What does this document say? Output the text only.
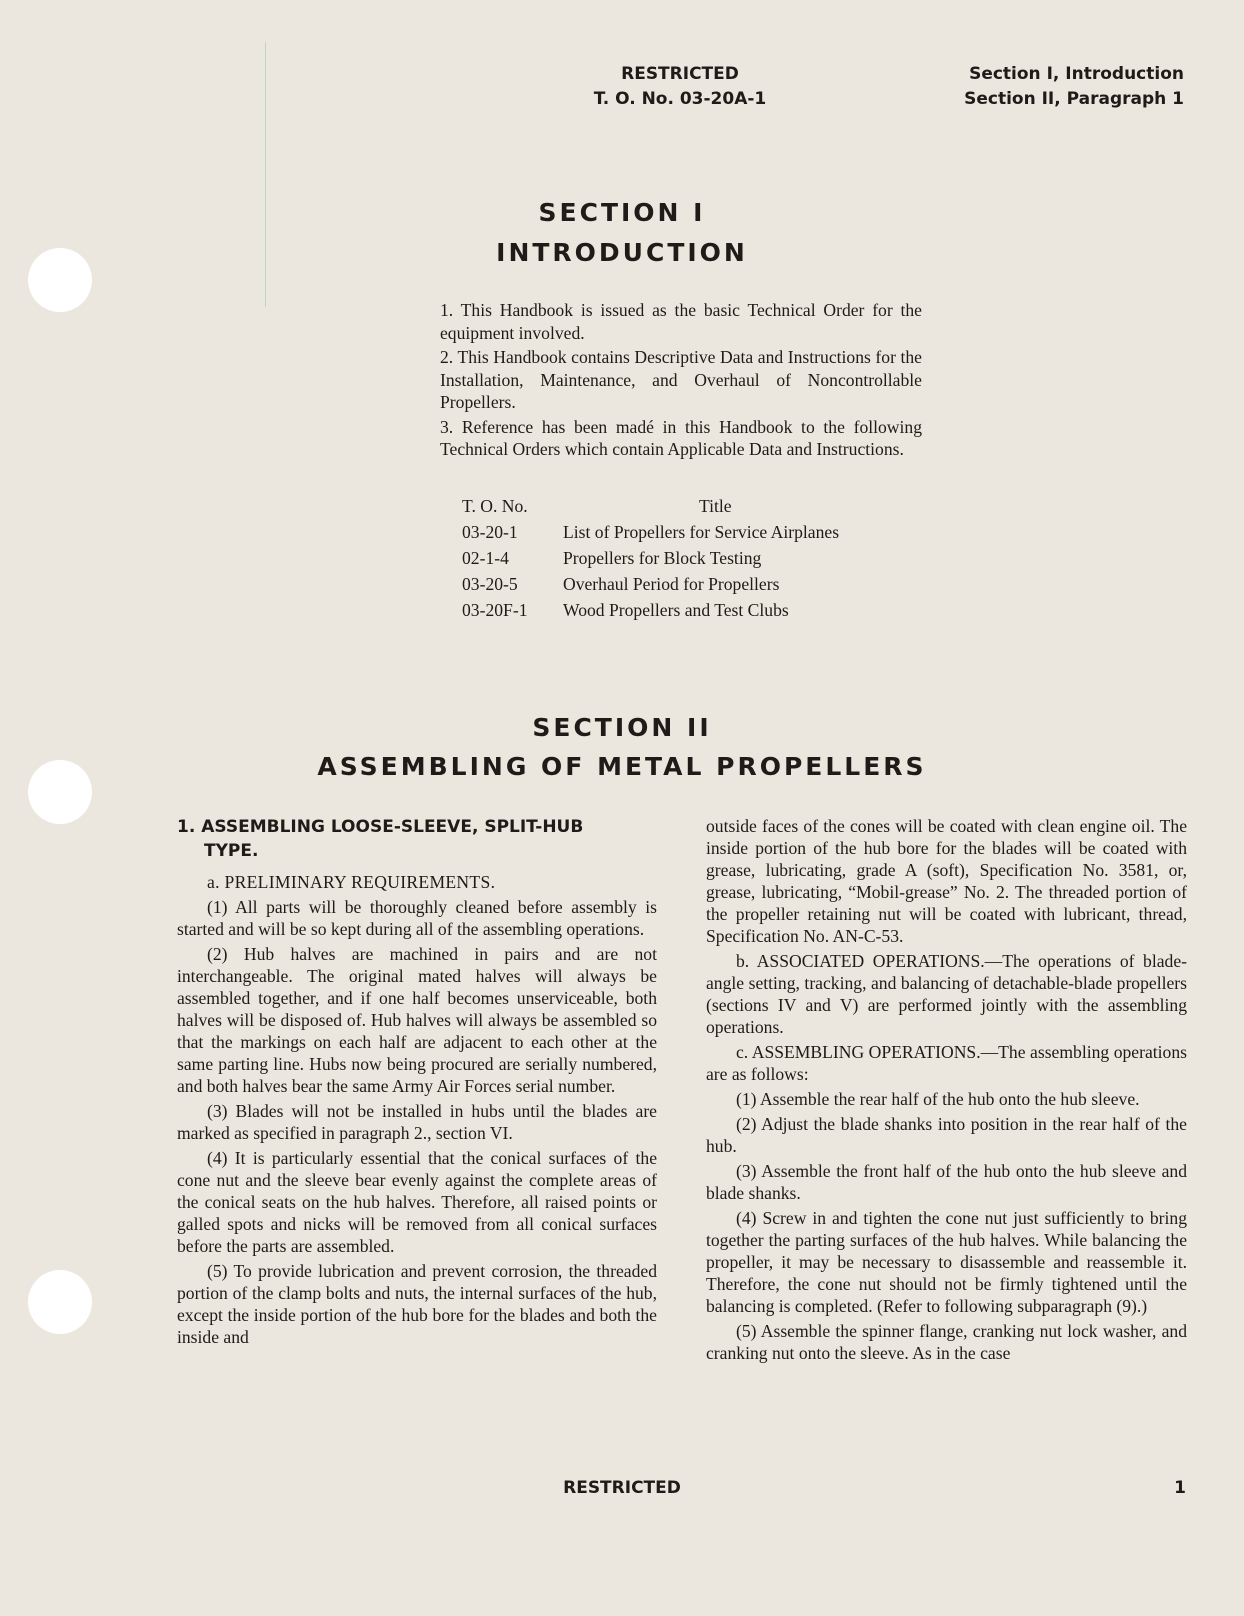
RESTRICTED
T. O. No. 03-20A-1
Section I, Introduction
Section II, Paragraph 1
SECTION I
INTRODUCTION

1. This Handbook is issued as the basic Technical Order for the equipment involved.

2. This Handbook contains Descriptive Data and Instructions for the Installation, Maintenance, and Overhaul of Noncontrollable Propellers.

3. Reference has been madé in this Handbook to the following Technical Orders which contain Applicable Data and Instructions.

T. O. No.	Title
03-20-1	List of Propellers for Service Airplanes
02-1-4	Propellers for Block Testing
03-20-5	Overhaul Period for Propellers
03-20F-1	Wood Propellers and Test Clubs
SECTION II
ASSEMBLING OF METAL PROPELLERS
1. ASSEMBLING LOOSE-SLEEVE, SPLIT-HUB
TYPE.

a. PRELIMINARY REQUIREMENTS.

(1) All parts will be thoroughly cleaned before assembly is started and will be so kept during all of the assembling operations.

(2) Hub halves are machined in pairs and are not interchangeable. The original mated halves will always be assembled together, and if one half becomes unserviceable, both halves will be disposed of. Hub halves will always be assembled so that the markings on each half are adjacent to each other at the same parting line. Hubs now being procured are serially numbered, and both halves bear the same Army Air Forces serial number.

(3) Blades will not be installed in hubs until the blades are marked as specified in paragraph 2., section VI.

(4) It is particularly essential that the conical surfaces of the cone nut and the sleeve bear evenly against the complete areas of the conical seats on the hub halves. Therefore, all raised points or galled spots and nicks will be removed from all conical surfaces before the parts are assembled.

(5) To provide lubrication and prevent corrosion, the threaded portion of the clamp bolts and nuts, the internal surfaces of the hub, except the inside portion of the hub bore for the blades and both the inside and

outside faces of the cones will be coated with clean engine oil. The inside portion of the hub bore for the blades will be coated with grease, lubricating, grade A (soft), Specification No. 3581, or, grease, lubricating, “Mobil-grease” No. 2. The threaded portion of the propeller retaining nut will be coated with lubricant, thread, Specification No. AN-C-53.

b. ASSOCIATED OPERATIONS.—The operations of blade-angle setting, tracking, and balancing of detachable-blade propellers (sections IV and V) are performed jointly with the assembling operations.

c. ASSEMBLING OPERATIONS.—The assembling operations are as follows:

(1) Assemble the rear half of the hub onto the hub sleeve.

(2) Adjust the blade shanks into position in the rear half of the hub.

(3) Assemble the front half of the hub onto the hub sleeve and blade shanks.

(4) Screw in and tighten the cone nut just sufficiently to bring together the parting surfaces of the hub halves. While balancing the propeller, it may be necessary to disassemble and reassemble it. Therefore, the cone nut should not be firmly tightened until the balancing is completed. (Refer to following subparagraph (9).)

(5) Assemble the spinner flange, cranking nut lock washer, and cranking nut onto the sleeve. As in the case

RESTRICTED	1
